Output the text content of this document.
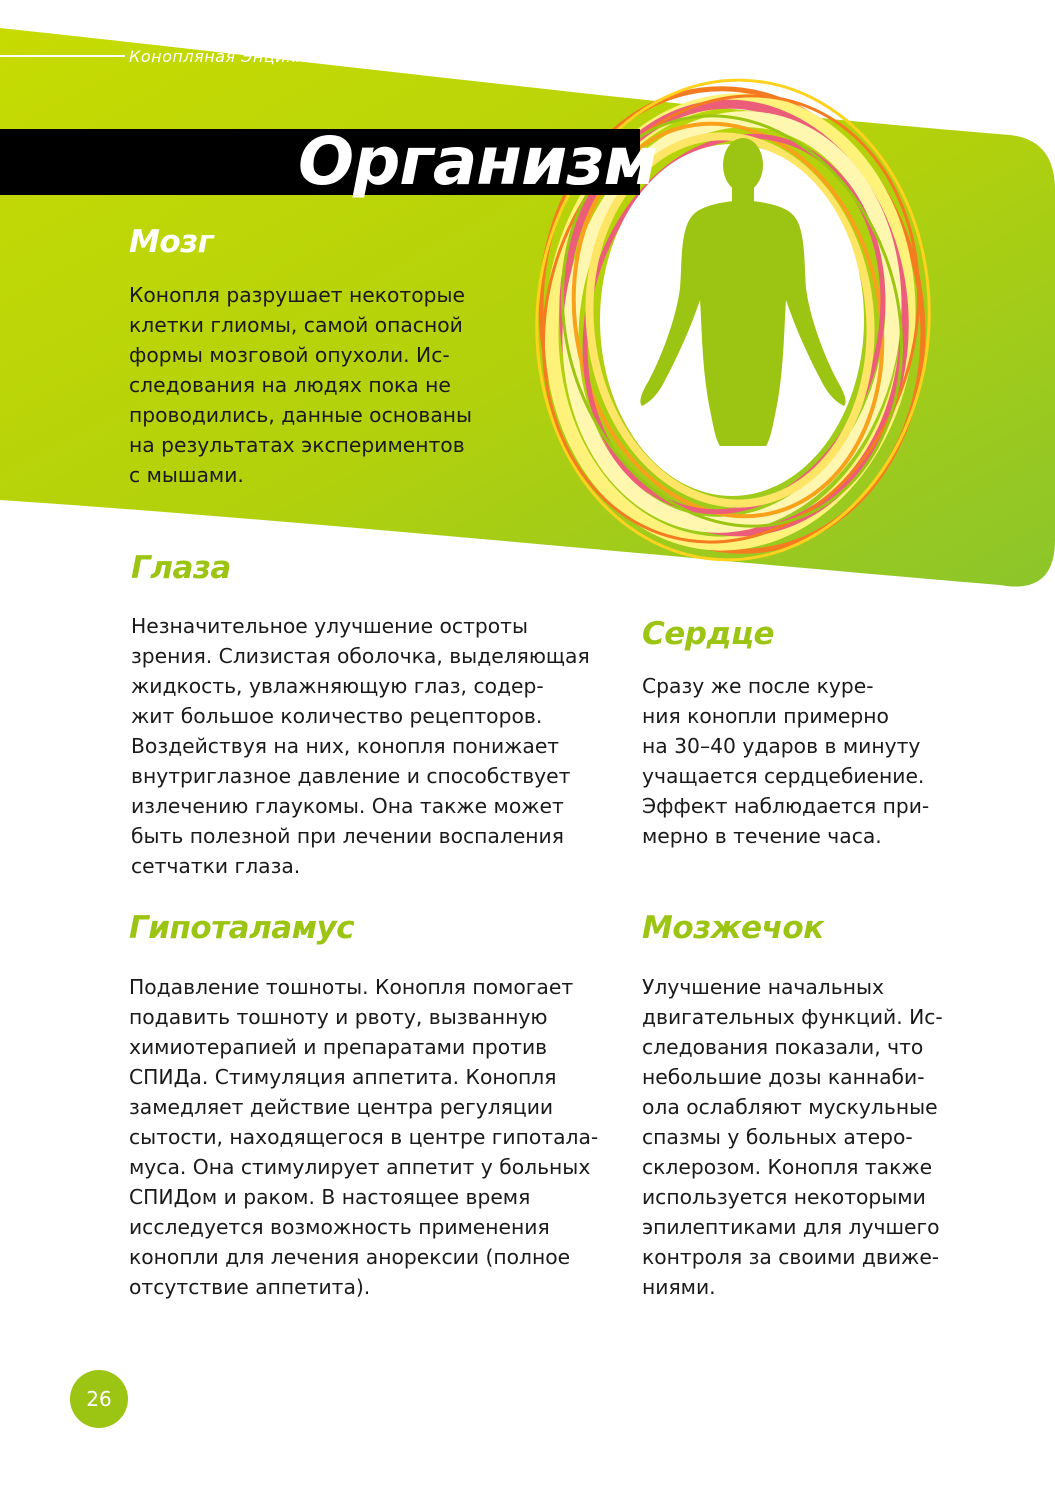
Конопляная Энциклопедия
Организм
Мозг

Конопля разрушает некоторые
клетки глиомы, самой опасной
формы мозговой опухоли. Ис-
следования на людях пока не
проводились, данные основаны
на результатах экспериментов
с мышами.

Глаза

Незначительное улучшение остроты
зрения. Слизистая оболочка, выделяющая
жидкость, увлажняющую глаз, содер-
жит большое количество рецепторов.
Воздействуя на них, конопля понижает
внутриглазное давление и способствует
излечению глаукомы. Она также может
быть полезной при лечении воспаления
сетчатки глаза.

Сердце

Сразу же после куре-
ния конопли примерно
на 30–40 ударов в минуту
учащается сердцебиение.
Эффект наблюдается при-
мерно в течение часа.

Гипоталамус

Подавление тошноты. Конопля помогает
подавить тошноту и рвоту, вызванную
химиотерапией и препаратами против
СПИДа. Стимуляция аппетита. Конопля
замедляет действие центра регуляции
сытости, находящегося в центре гипотала-
муса. Она стимулирует аппетит у больных
СПИДом и раком. В настоящее время
исследуется возможность применения
конопли для лечения анорексии (полное
отсутствие аппетита).

Мозжечок

Улучшение начальных
двигательных функций. Ис-
следования показали, что
небольшие дозы каннаби-
ола ослабляют мускульные
спазмы у больных атеро-
склерозом. Конопля также
используется некоторыми
эпилептиками для лучшего
контроля за своими движе-
ниями.

26
